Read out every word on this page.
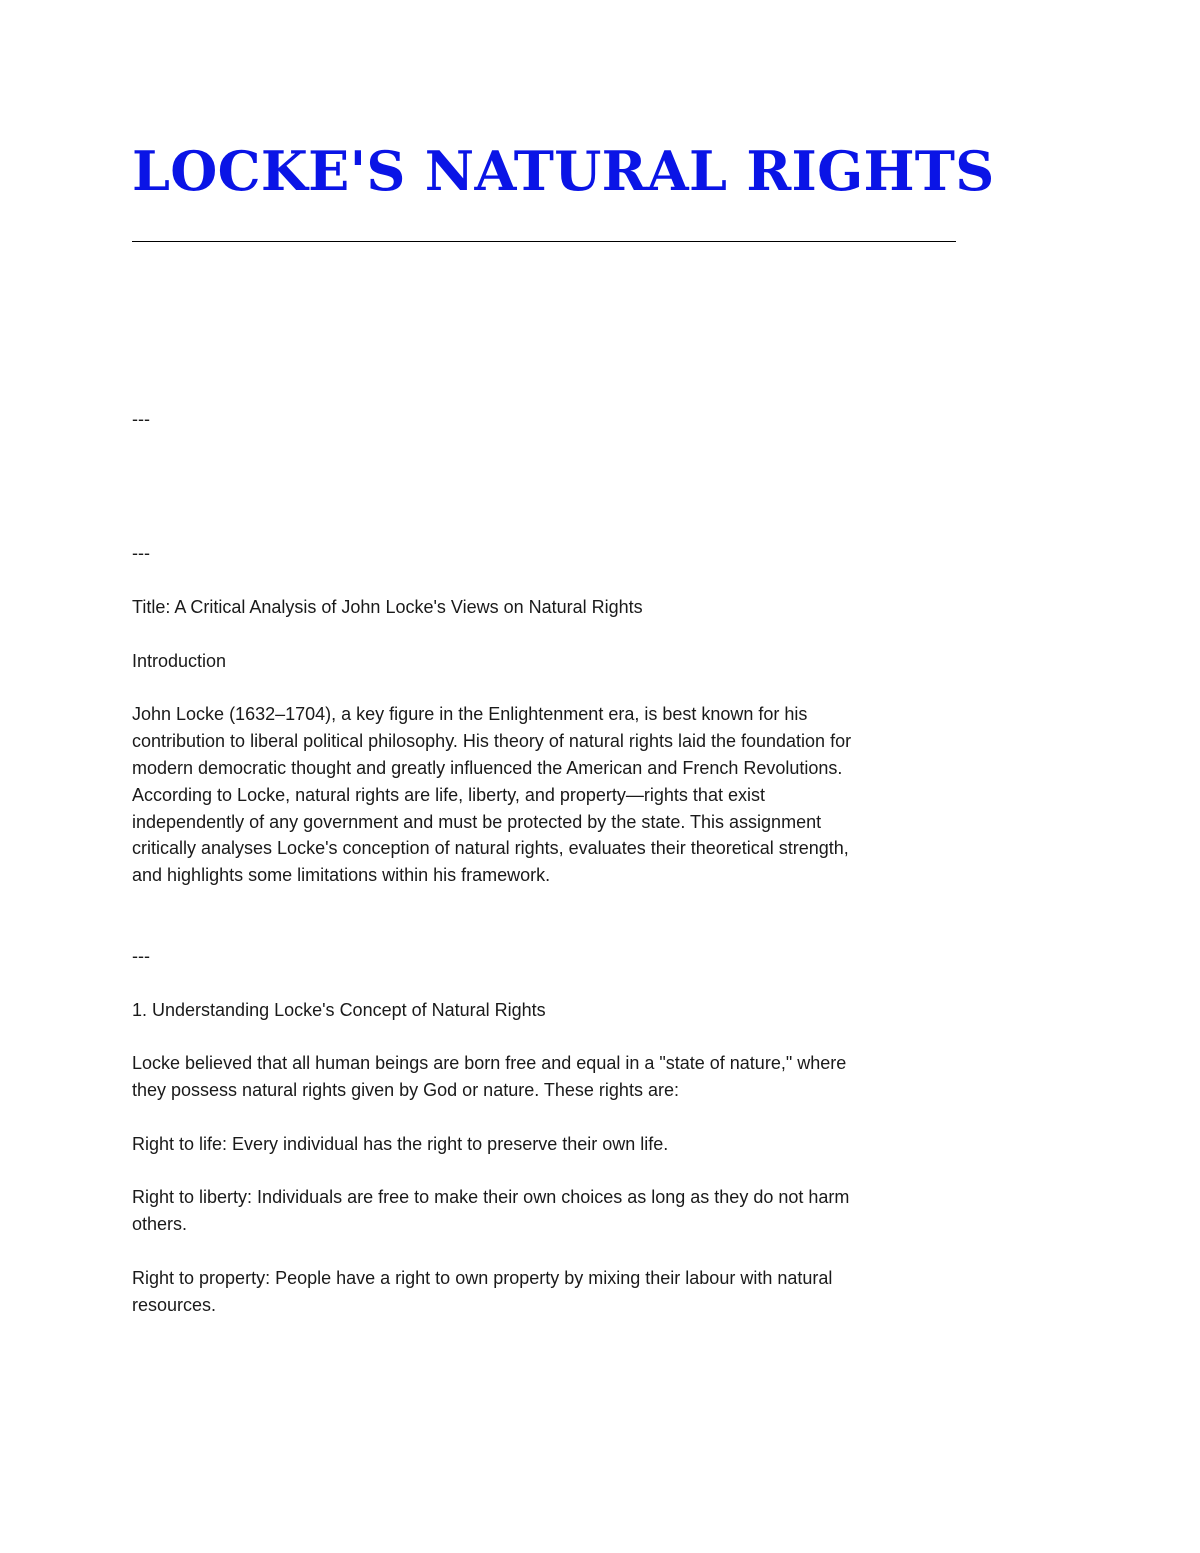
LOCKE'S NATURAL RIGHTS

---

---

Title: A Critical Analysis of John Locke's Views on Natural Rights

Introduction

John Locke (1632–1704), a key figure in the Enlightenment era, is best known for his

contribution to liberal political philosophy. His theory of natural rights laid the foundation for

modern democratic thought and greatly influenced the American and French Revolutions.

According to Locke, natural rights are life, liberty, and property—rights that exist

independently of any government and must be protected by the state. This assignment

critically analyses Locke's conception of natural rights, evaluates their theoretical strength,

and highlights some limitations within his framework.

---

1. Understanding Locke's Concept of Natural Rights

Locke believed that all human beings are born free and equal in a "state of nature," where

they possess natural rights given by God or nature. These rights are:

Right to life: Every individual has the right to preserve their own life.

Right to liberty: Individuals are free to make their own choices as long as they do not harm

others.

Right to property: People have a right to own property by mixing their labour with natural

resources.
